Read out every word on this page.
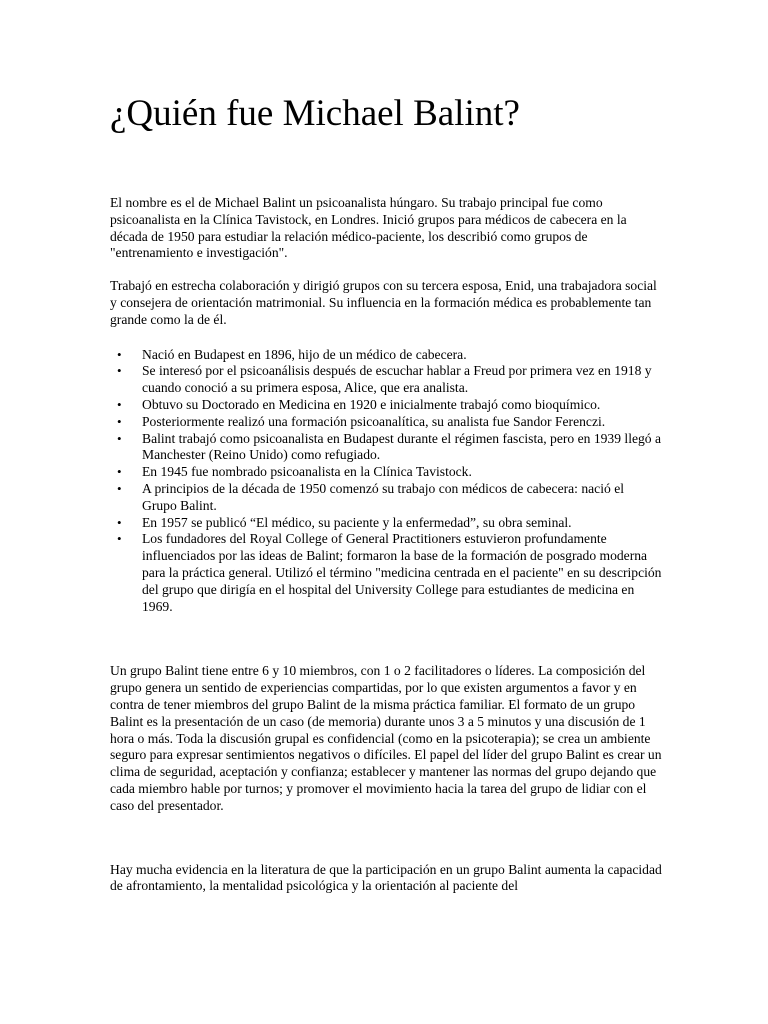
¿Quién fue Michael Balint?

El nombre es el de Michael Balint un psicoanalista húngaro. Su trabajo principal fue como psicoanalista en la Clínica Tavistock, en Londres. Inició grupos para médicos de cabecera en la década de 1950 para estudiar la relación médico-paciente, los describió como grupos de "entrenamiento e investigación".

Trabajó en estrecha colaboración y dirigió grupos con su tercera esposa, Enid, una trabajadora social y consejera de orientación matrimonial. Su influencia en la formación médica es probablemente tan grande como la de él.

• Nació en Budapest en 1896, hijo de un médico de cabecera.
• Se interesó por el psicoanálisis después de escuchar hablar a Freud por primera vez en 1918 y cuando conoció a su primera esposa, Alice, que era analista.
• Obtuvo su Doctorado en Medicina en 1920 e inicialmente trabajó como bioquímico.
• Posteriormente realizó una formación psicoanalítica, su analista fue Sandor Ferenczi.
• Balint trabajó como psicoanalista en Budapest durante el régimen fascista, pero en 1939 llegó a Manchester (Reino Unido) como refugiado.
• En 1945 fue nombrado psicoanalista en la Clínica Tavistock.
• A principios de la década de 1950 comenzó su trabajo con médicos de cabecera: nació el Grupo Balint.
• En 1957 se publicó “El médico, su paciente y la enfermedad”, su obra seminal.
• Los fundadores del Royal College of General Practitioners estuvieron profundamente influenciados por las ideas de Balint; formaron la base de la formación de posgrado moderna para la práctica general. Utilizó el término "medicina centrada en el paciente" en su descripción del grupo que dirigía en el hospital del University College para estudiantes de medicina en 1969.

Un grupo Balint tiene entre 6 y 10 miembros, con 1 o 2 facilitadores o líderes. La composición del grupo genera un sentido de experiencias compartidas, por lo que existen argumentos a favor y en contra de tener miembros del grupo Balint de la misma práctica familiar. El formato de un grupo Balint es la presentación de un caso (de memoria) durante unos 3 a 5 minutos y una discusión de 1 hora o más. Toda la discusión grupal es confidencial (como en la psicoterapia); se crea un ambiente seguro para expresar sentimientos negativos o difíciles. El papel del líder del grupo Balint es crear un clima de seguridad, aceptación y confianza; establecer y mantener las normas del grupo dejando que cada miembro hable por turnos; y promover el movimiento hacia la tarea del grupo de lidiar con el caso del presentador.

Hay mucha evidencia en la literatura de que la participación en un grupo Balint aumenta la capacidad de afrontamiento, la mentalidad psicológica y la orientación al paciente del
